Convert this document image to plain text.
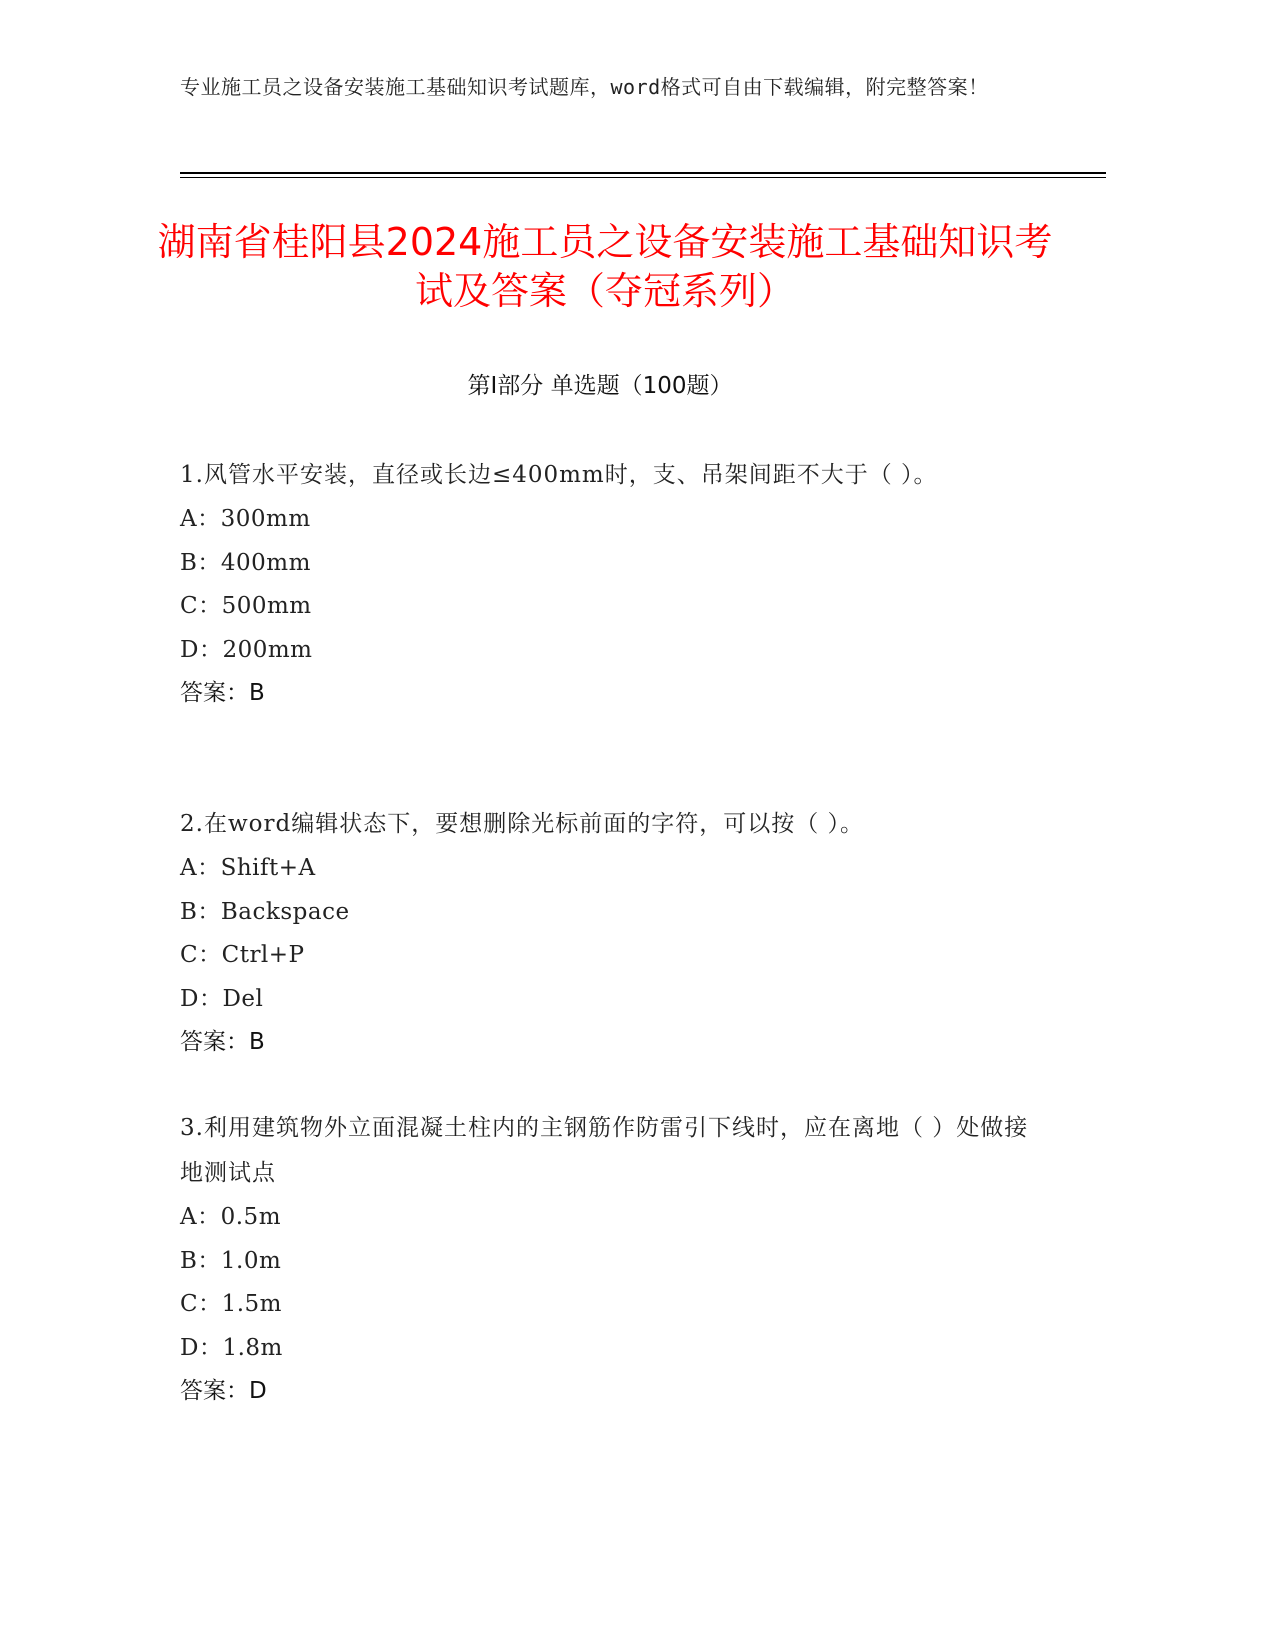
专业施工员之设备安装施工基础知识考试题库，word格式可自由下载编辑，附完整答案！
湖南省桂阳县2024施工员之设备安装施工基础知识考试及答案（夺冠系列）
第Ⅰ部分 单选题（100题）
1.风管水平安装，直径或长边≤400mm时，支、吊架间距不大于（ ）。
A：300mm
B：400mm
C：500mm
D：200mm
答案：B
2.在word编辑状态下，要想删除光标前面的字符，可以按（ ）。
A：Shift+A
B：Backspace
C：Ctrl+P
D：Del
答案：B
3.利用建筑物外立面混凝土柱内的主钢筋作防雷引下线时，应在离地（ ）处做接地测试点
A：0.5m
B：1.0m
C：1.5m
D：1.8m
答案：D
